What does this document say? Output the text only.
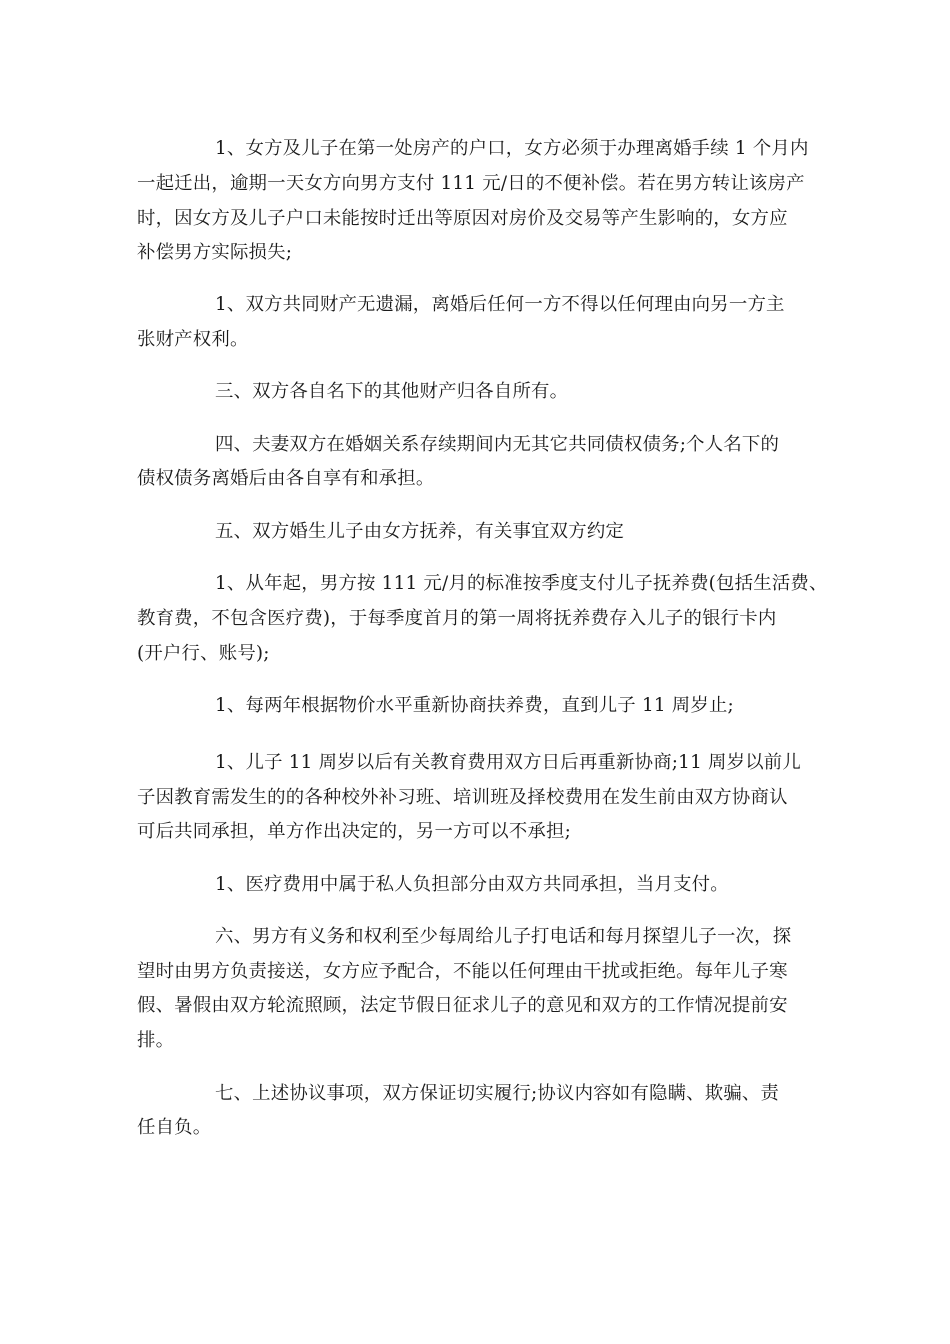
1、女方及儿子在第一处房产的户口，女方必须于办理离婚手续 1 个月内
一起迁出，逾期一天女方向男方支付 111 元/日的不便补偿。若在男方转让该房产
时，因女方及儿子户口未能按时迁出等原因对房价及交易等产生影响的，女方应
补偿男方实际损失;
1、双方共同财产无遗漏，离婚后任何一方不得以任何理由向另一方主
张财产权利。
三、双方各自名下的其他财产归各自所有。
四、夫妻双方在婚姻关系存续期间内无其它共同债权债务;个人名下的
债权债务离婚后由各自享有和承担。
五、双方婚生儿子由女方抚养，有关事宜双方约定
1、从年起，男方按 111 元/月的标准按季度支付儿子抚养费(包括生活费、
教育费，不包含医疗费)，于每季度首月的第一周将抚养费存入儿子的银行卡内
(开户行、账号);
1、每两年根据物价水平重新协商扶养费，直到儿子 11 周岁止;
1、儿子 11 周岁以后有关教育费用双方日后再重新协商;11 周岁以前儿
子因教育需发生的的各种校外补习班、培训班及择校费用在发生前由双方协商认
可后共同承担，单方作出决定的，另一方可以不承担;
1、医疗费用中属于私人负担部分由双方共同承担，当月支付。
六、男方有义务和权利至少每周给儿子打电话和每月探望儿子一次，探
望时由男方负责接送，女方应予配合，不能以任何理由干扰或拒绝。每年儿子寒
假、暑假由双方轮流照顾，法定节假日征求儿子的意见和双方的工作情况提前安
排。
七、上述协议事项，双方保证切实履行;协议内容如有隐瞒、欺骗、责
任自负。
